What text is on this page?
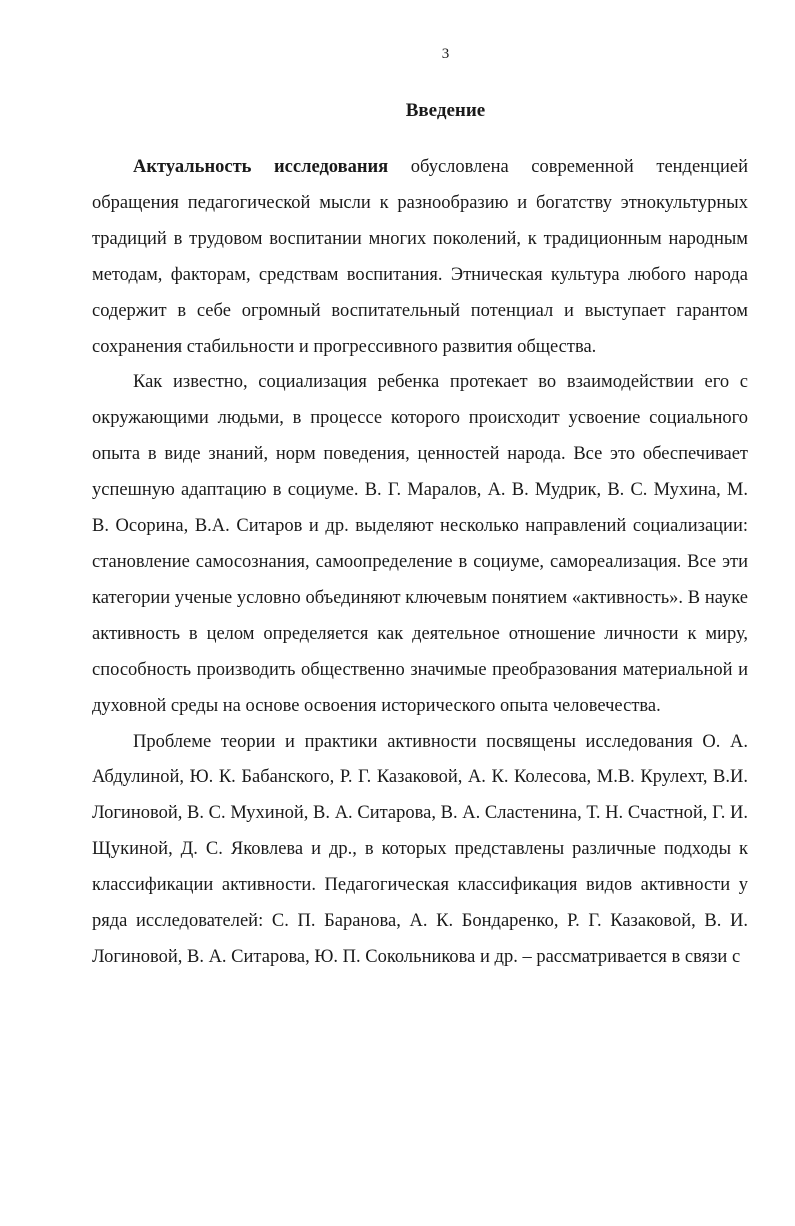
3
Введение

Актуальность исследования обусловлена современной тенденцией обращения педагогической мысли к разнообразию и богатству этнокультурных традиций в трудовом воспитании многих поколений, к традиционным народным методам, факторам, средствам воспитания. Этническая культура любого народа содержит в себе огромный воспитательный потенциал и выступает гарантом сохранения стабильности и прогрессивного развития общества.

Как известно, социализация ребенка протекает во взаимодействии его с окружающими людьми, в процессе которого происходит усвоение социального опыта в виде знаний, норм поведения, ценностей народа. Все это обеспечивает успешную адаптацию в социуме. В. Г. Маралов, А. В. Мудрик, В. С. Мухина, М. В. Осорина, В.А. Ситаров и др. выделяют несколько направлений социализации: становление самосознания, самоопределение в социуме, самореализация. Все эти категории ученые условно объединяют ключевым понятием «активность». В науке активность в целом определяется как деятельное отношение личности к миру, способность производить общественно значимые преобразования материальной и духовной среды на основе освоения исторического опыта человечества.

Проблеме теории и практики активности посвящены исследования О. А. Абдулиной, Ю. К. Бабанского, Р. Г. Казаковой, А. К. Колесова, М.В. Крулехт, В.И. Логиновой, В. С. Мухиной, В. А. Ситарова, В. А. Сластенина, Т. Н. Счастной, Г. И. Щукиной, Д. С. Яковлева и др., в которых представлены различные подходы к классификации активности. Педагогическая классификация видов активности у ряда исследователей: С. П. Баранова, А. К. Бондаренко, Р. Г. Казаковой, В. И. Логиновой, В. А. Ситарова, Ю. П. Сокольникова и др. – рассматривается в связи с
